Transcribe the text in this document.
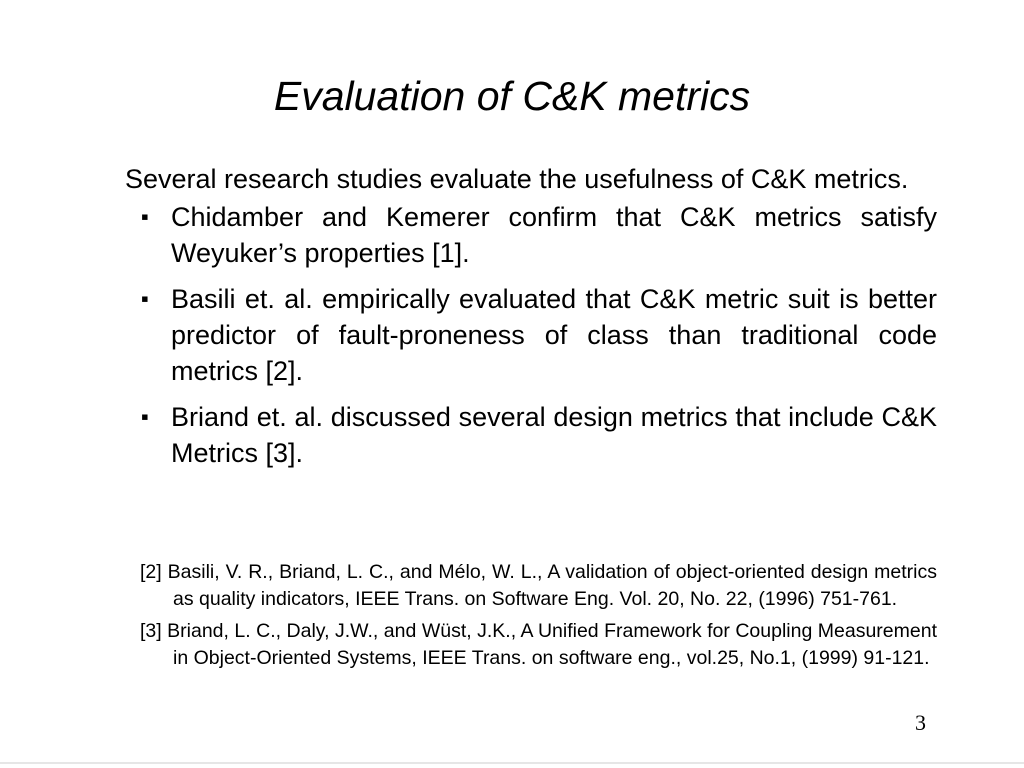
Evaluation of C&K metrics

Several research studies evaluate the usefulness of C&K metrics.

▪ Chidamber and Kemerer confirm that C&K metrics satisfy Weyuker’s properties [1].
▪ Basili et. al. empirically evaluated that C&K metric suit is better predictor of fault-proneness of class than traditional code metrics [2].
▪ Briand et. al. discussed several design metrics that include C&K Metrics [3].
[2] Basili, V. R., Briand, L. C., and Mélo, W. L., A validation of object-oriented design metrics as quality indicators, IEEE Trans. on Software Eng. Vol. 20, No. 22, (1996) 751-761.
[3] Briand, L. C., Daly, J.W., and Wüst, J.K., A Unified Framework for Coupling Measurement in Object-Oriented Systems, IEEE Trans. on software eng., vol.25, No.1, (1999) 91-121.
3
